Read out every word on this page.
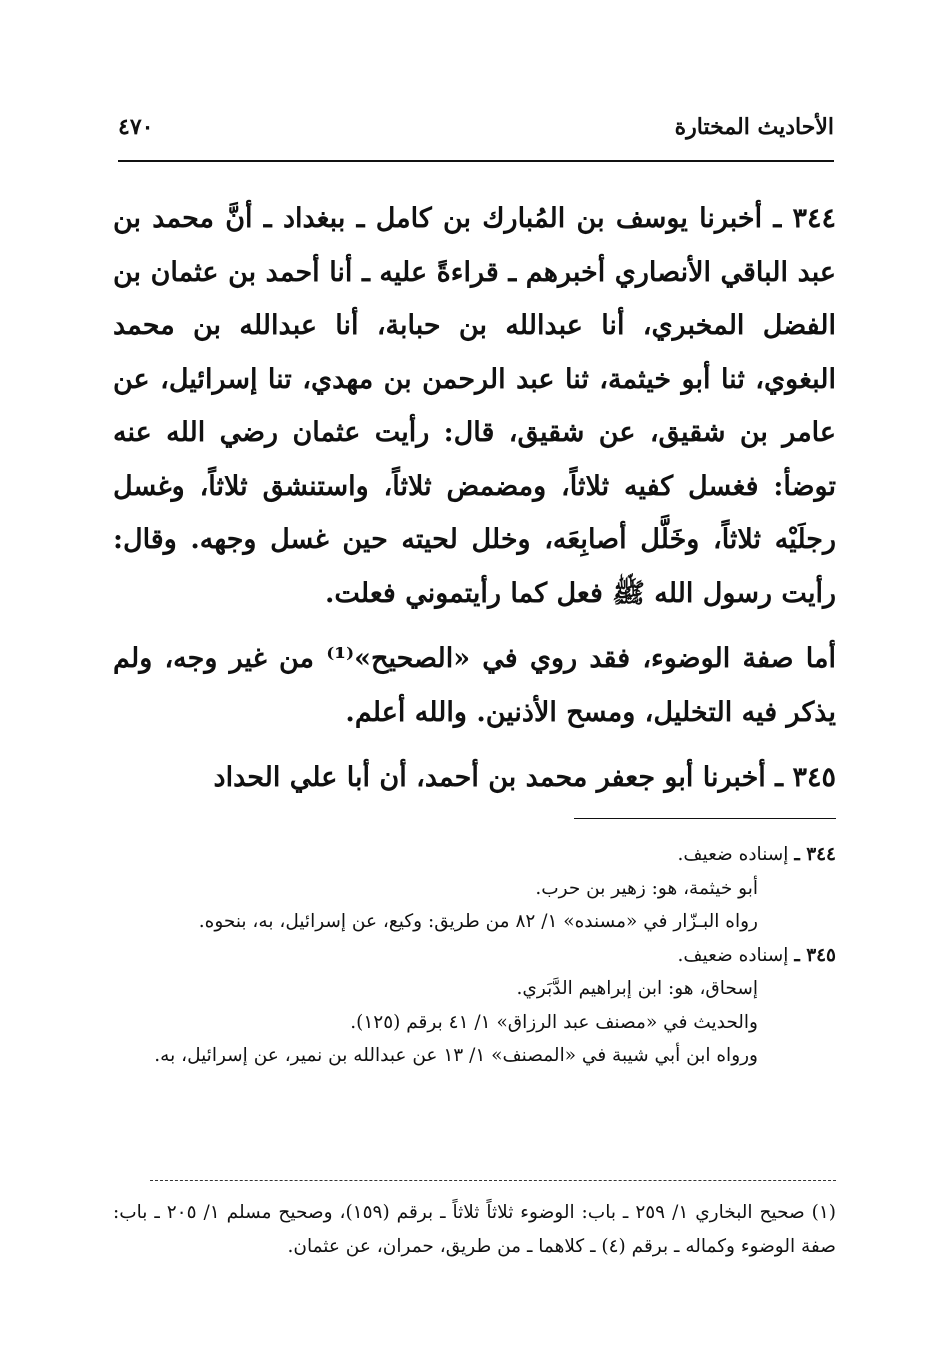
الأحاديث المختارة
٤٧٠

٣٤٤ ـ أخبرنا يوسف بن المُبارك بن كامل ـ ببغداد ـ أنَّ محمد بن عبد الباقي الأنصاري أخبرهم ـ قراءةً عليه ـ أنا أحمد بن عثمان بن الفضل المخبري، أنا عبدالله بن حبابة، أنا عبدالله بن محمد البغوي، ثنا أبو خيثمة، ثنا عبد الرحمن بن مهدي، تنا إسرائيل، عن عامر بن شقيق، عن شقيق، قال: رأيت عثمان رضي الله عنه توضأ: فغسل كفيه ثلاثاً، ومضمض ثلاثاً، واستنشق ثلاثاً، وغسل رجلَيْه ثلاثاً، وخَلَّل أصابِعَه، وخلل لحيته حين غسل وجهه. وقال: رأيت رسول الله ﷺ فعل كما رأيتموني فعلت.

أما صفة الوضوء، فقد روي في «الصحيح»⁽¹⁾ من غير وجه، ولم يذكر فيه التخليل، ومسح الأذنين. والله أعلم.

٣٤٥ ـ أخبرنا أبو جعفر محمد بن أحمد، أن أبا علي الحداد

٣٤٤ ـ إسناده ضعيف.

أبو خيثمة، هو: زهير بن حرب.

رواه البـزّار في «مسنده» ١/ ٨٢ من طريق: وكيع، عن إسرائيل، به، بنحوه.

٣٤٥ ـ إسناده ضعيف.

إسحاق، هو: ابن إبراهيم الدَّبَري.

والحديث في «مصنف عبد الرزاق» ١/ ٤١ برقم (١٢٥).

ورواه ابن أبي شيبة في «المصنف» ١/ ١٣ عن عبدالله بن نمير، عن إسرائيل، به.

(١) صحيح البخاري ١/ ٢٥٩ ـ باب: الوضوء ثلاثاً ثلاثاً ـ برقم (١٥٩)، وصحيح مسلم ١/ ٢٠٥ ـ باب: صفة الوضوء وكماله ـ برقم (٤) ـ كلاهما ـ من طريق، حمران، عن عثمان.
